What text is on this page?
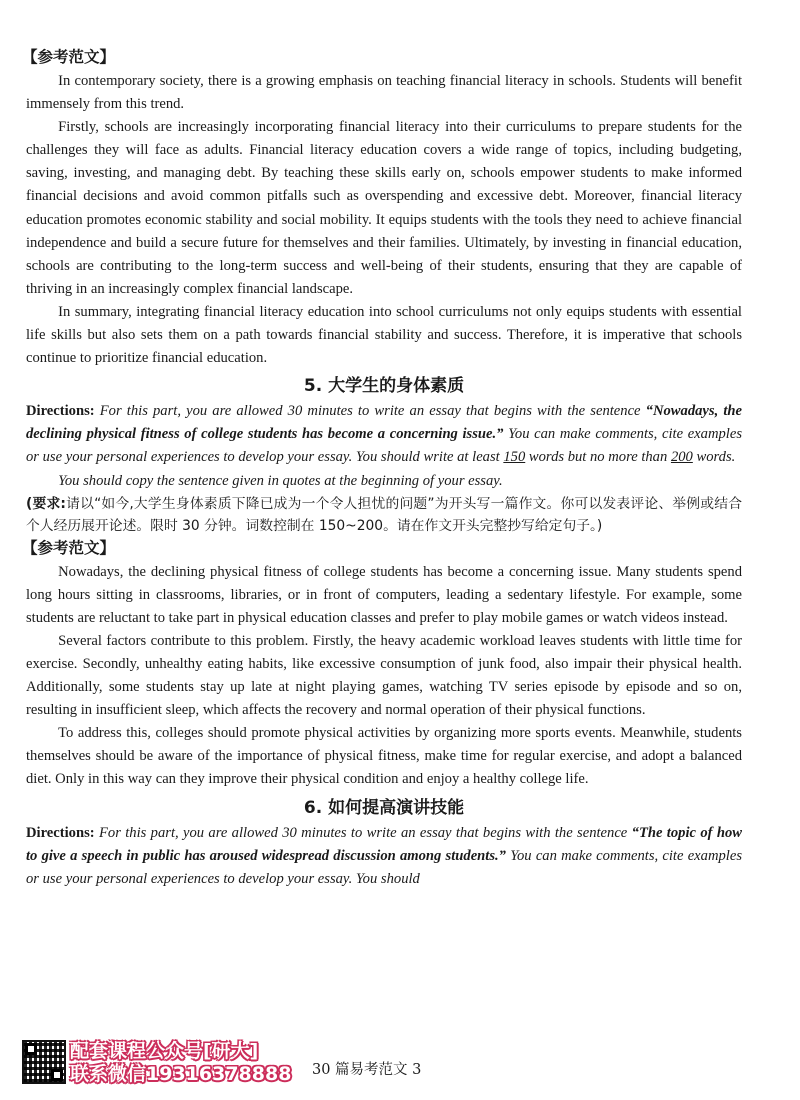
【参考范文】

In contemporary society, there is a growing emphasis on teaching financial literacy in schools. Students will benefit immensely from this trend.

Firstly, schools are increasingly incorporating financial literacy into their curriculums to prepare students for the challenges they will face as adults. Financial literacy education covers a wide range of topics, including budgeting, saving, investing, and managing debt. By teaching these skills early on, schools empower students to make informed financial decisions and avoid common pitfalls such as overspending and excessive debt. Moreover, financial literacy education promotes economic stability and social mobility. It equips students with the tools they need to achieve financial independence and build a secure future for themselves and their families. Ultimately, by investing in financial education, schools are contributing to the long-term success and well-being of their students, ensuring that they are capable of thriving in an increasingly complex financial landscape.

In summary, integrating financial literacy education into school curriculums not only equips students with essential life skills but also sets them on a path towards financial stability and success. Therefore, it is imperative that schools continue to prioritize financial education.

5. 大学生的身体素质

Directions: For this part, you are allowed 30 minutes to write an essay that begins with the sentence “Nowadays, the declining physical fitness of college students has become a concerning issue.” You can make comments, cite examples or use your personal experiences to develop your essay. You should write at least 150 words but no more than 200 words.

You should copy the sentence given in quotes at the beginning of your essay.

(要求:请以“如今,大学生身体素质下降已成为一个令人担忧的问题”为开头写一篇作文。你可以发表评论、举例或结合个人经历展开论述。限时 30 分钟。词数控制在 150~200。请在作文开头完整抄写给定句子。)

【参考范文】

Nowadays, the declining physical fitness of college students has become a concerning issue. Many students spend long hours sitting in classrooms, libraries, or in front of computers, leading a sedentary lifestyle. For example, some students are reluctant to take part in physical education classes and prefer to play mobile games or watch videos instead.

Several factors contribute to this problem. Firstly, the heavy academic workload leaves students with little time for exercise. Secondly, unhealthy eating habits, like excessive consumption of junk food, also impair their physical health. Additionally, some students stay up late at night playing games, watching TV series episode by episode and so on, resulting in insufficient sleep, which affects the recovery and normal operation of their physical functions.

To address this, colleges should promote physical activities by organizing more sports events. Meanwhile, students themselves should be aware of the importance of physical fitness, make time for regular exercise, and adopt a balanced diet. Only in this way can they improve their physical condition and enjoy a healthy college life.

6. 如何提高演讲技能

Directions: For this part, you are allowed 30 minutes to write an essay that begins with the sentence “The topic of how to give a speech in public has aroused widespread discussion among students.” You can make comments, cite examples or use your personal experiences to develop your essay. You should

配套课程公众号[研大]
联系微信19316378888	30 篇易考范文 3
